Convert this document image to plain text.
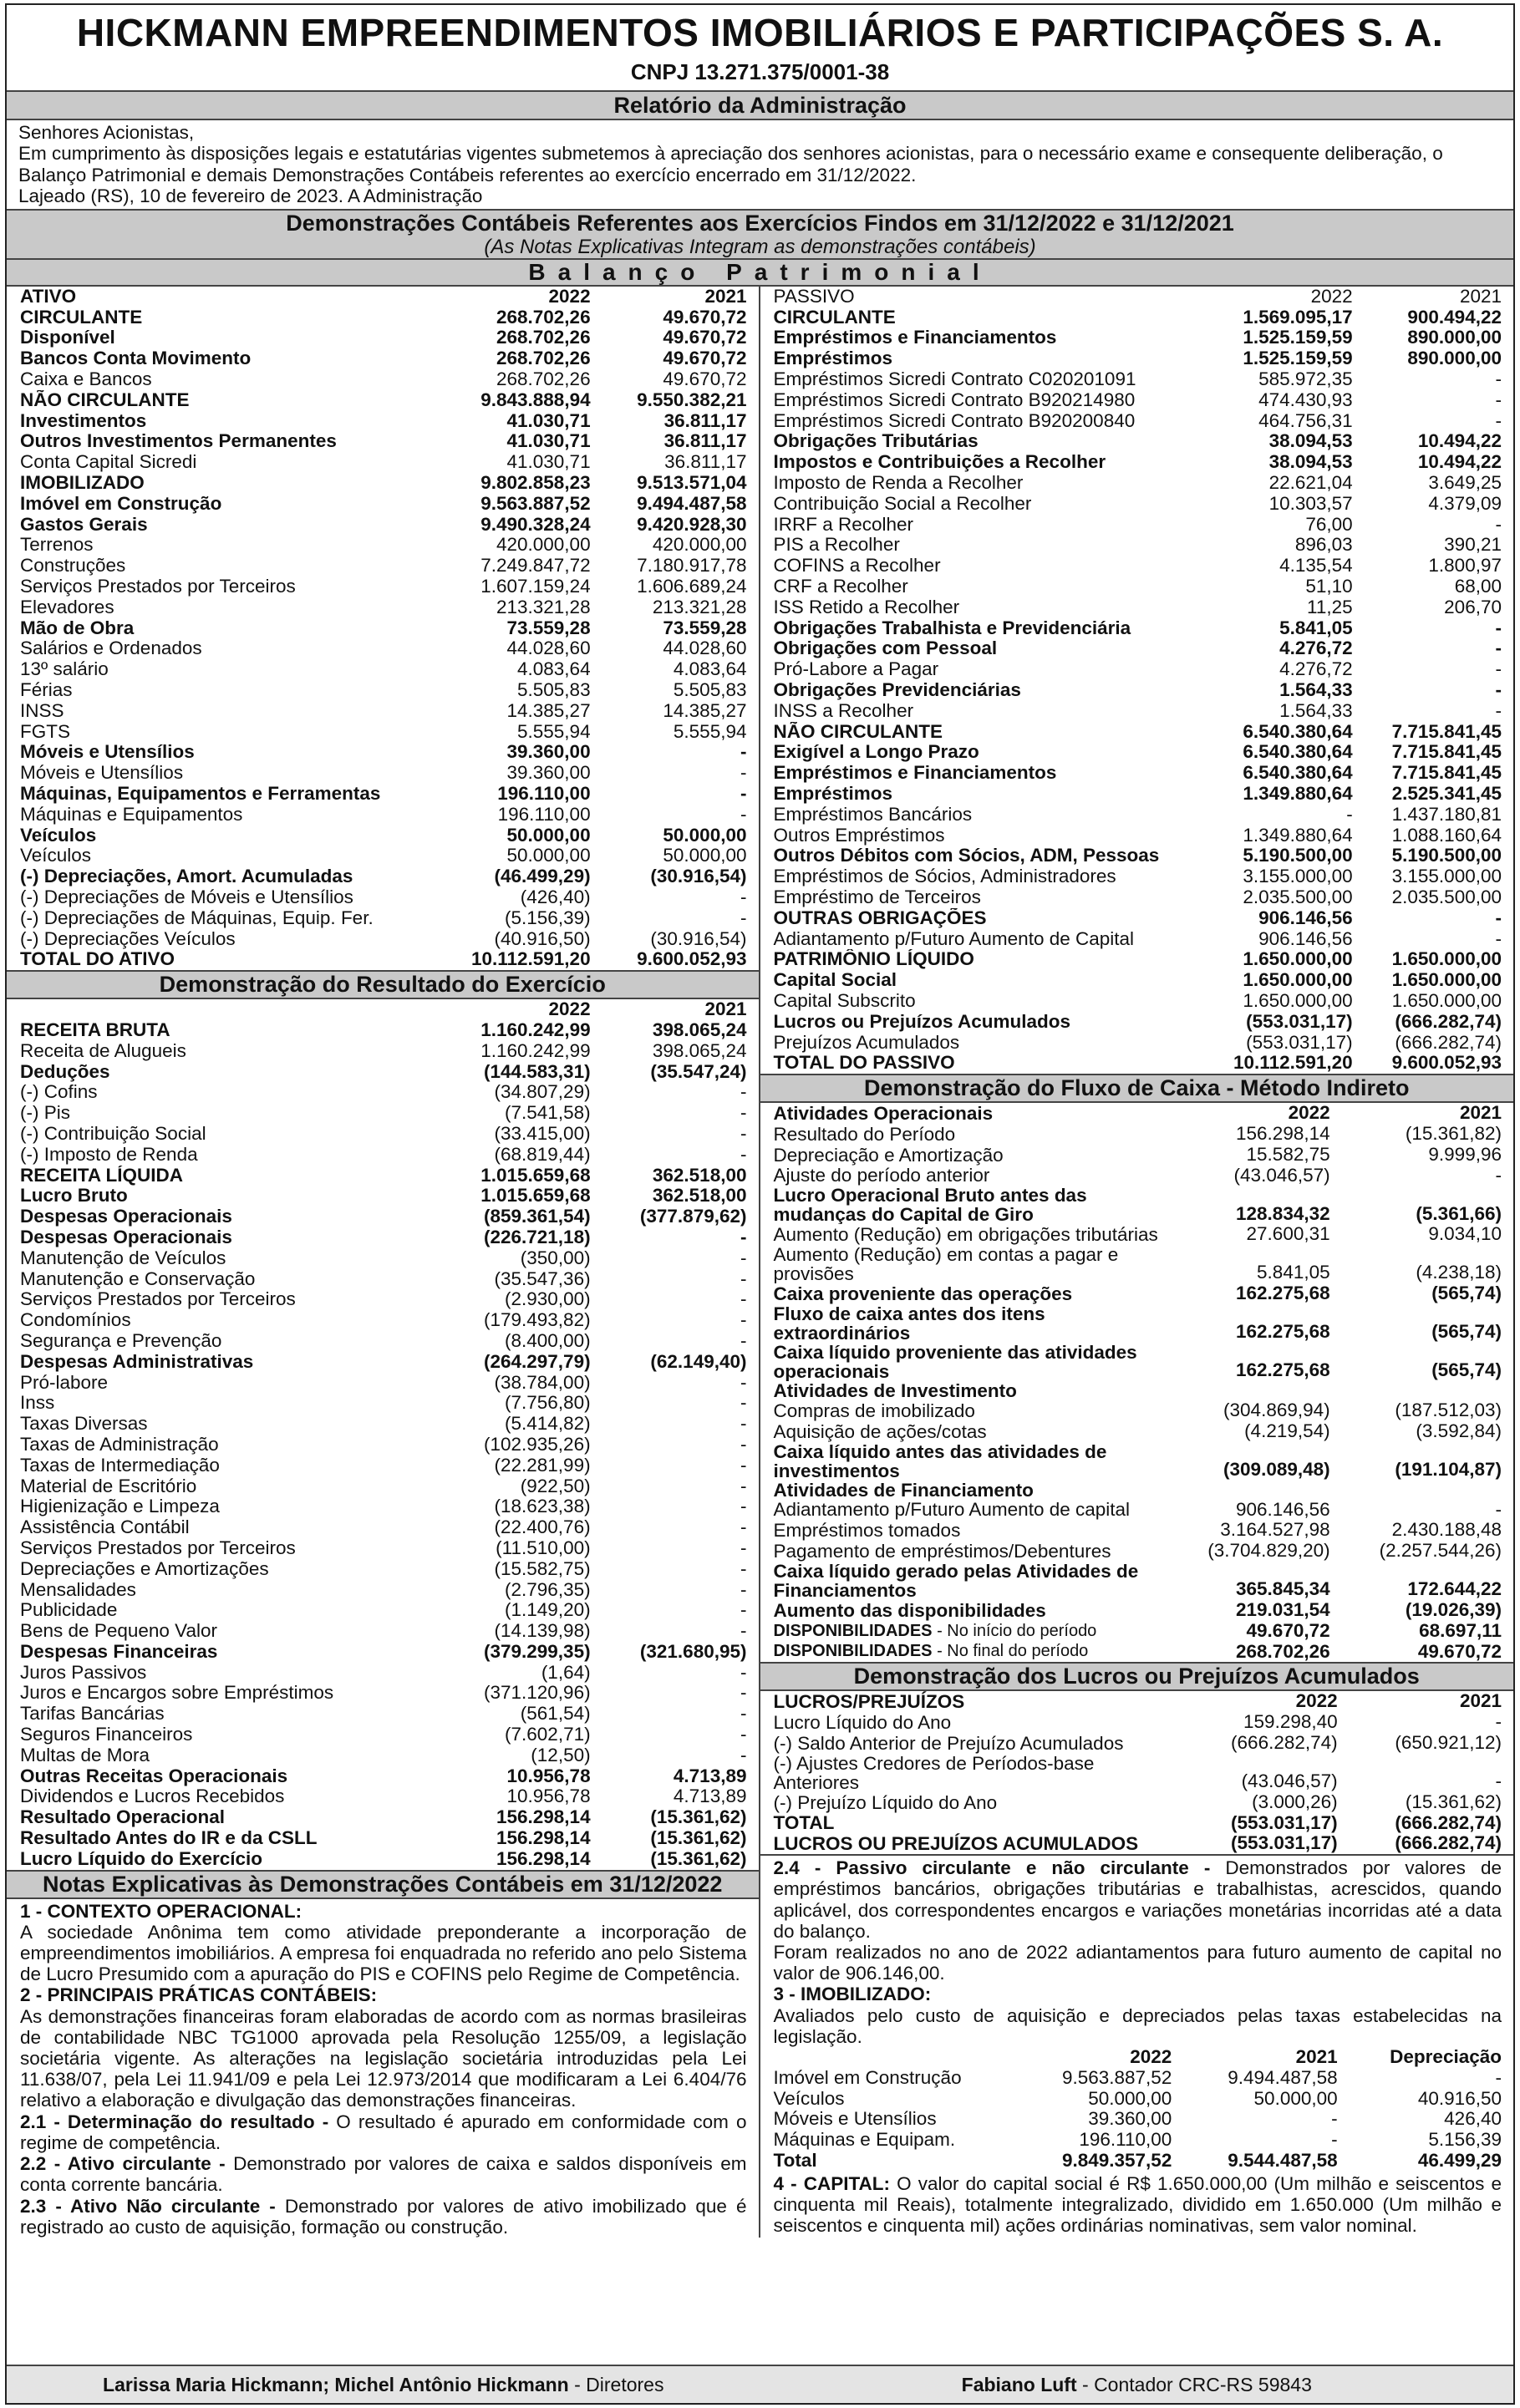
HICKMANN EMPREENDIMENTOS IMOBILIÁRIOS E PARTICIPAÇÕES S. A.
CNPJ 13.271.375/0001-38
Relatório da Administração
Senhores Acionistas,
Em cumprimento às disposições legais e estatutárias vigentes submetemos à apreciação dos senhores acionistas, para o necessário exame e consequente deliberação, o Balanço Patrimonial e demais Demonstrações Contábeis referentes ao exercício encerrado em 31/12/2022.
Lajeado (RS), 10 de fevereiro de 2023. A Administração
Demonstrações Contábeis Referentes aos Exercícios Findos em 31/12/2022 e 31/12/2021
(As Notas Explicativas Integram as demonstrações contábeis)
Balanço Patrimonial
ATIVO	2022	2021
CIRCULANTE	268.702,26	49.670,72
Disponível	268.702,26	49.670,72
Bancos Conta Movimento	268.702,26	49.670,72
Caixa e Bancos	268.702,26	49.670,72
NÃO CIRCULANTE	9.843.888,94	9.550.382,21
Investimentos	41.030,71	36.811,17
Outros Investimentos Permanentes	41.030,71	36.811,17
Conta Capital Sicredi	41.030,71	36.811,17
IMOBILIZADO	9.802.858,23	9.513.571,04
Imóvel em Construção	9.563.887,52	9.494.487,58
Gastos Gerais	9.490.328,24	9.420.928,30
Terrenos	420.000,00	420.000,00
Construções	7.249.847,72	7.180.917,78
Serviços Prestados por Terceiros	1.607.159,24	1.606.689,24
Elevadores	213.321,28	213.321,28
Mão de Obra	73.559,28	73.559,28
Salários e Ordenados	44.028,60	44.028,60
13º salário	4.083,64	4.083,64
Férias	5.505,83	5.505,83
INSS	14.385,27	14.385,27
FGTS	5.555,94	5.555,94
Móveis e Utensílios	39.360,00	-
Móveis e Utensílios	39.360,00	-
Máquinas, Equipamentos e Ferramentas	196.110,00	-
Máquinas e Equipamentos	196.110,00	-
Veículos	50.000,00	50.000,00
Veículos	50.000,00	50.000,00
(-) Depreciações, Amort. Acumuladas	(46.499,29)	(30.916,54)
(-) Depreciações de Móveis e Utensílios	(426,40)	-
(-) Depreciações de Máquinas, Equip. Fer.	(5.156,39)	-
(-) Depreciações Veículos	(40.916,50)	(30.916,54)
TOTAL DO ATIVO	10.112.591,20	9.600.052,93
Demonstração do Resultado do Exercício
	2022	2021
RECEITA BRUTA	1.160.242,99	398.065,24
Receita de Alugueis	1.160.242,99	398.065,24
Deduções	(144.583,31)	(35.547,24)
(-) Cofins	(34.807,29)	-
(-) Pis	(7.541,58)	-
(-) Contribuição Social	(33.415,00)	-
(-) Imposto de Renda	(68.819,44)	-
RECEITA LÍQUIDA	1.015.659,68	362.518,00
Lucro Bruto	1.015.659,68	362.518,00
Despesas Operacionais	(859.361,54)	(377.879,62)
Despesas Operacionais	(226.721,18)	-
Manutenção de Veículos	(350,00)	-
Manutenção e Conservação	(35.547,36)	-
Serviços Prestados por Terceiros	(2.930,00)	-
Condomínios	(179.493,82)	-
Segurança e Prevenção	(8.400,00)	-
Despesas Administrativas	(264.297,79)	(62.149,40)
Pró-labore	(38.784,00)	-
Inss	(7.756,80)	-
Taxas Diversas	(5.414,82)	-
Taxas de Administração	(102.935,26)	-
Taxas de Intermediação	(22.281,99)	-
Material de Escritório	(922,50)	-
Higienização e Limpeza	(18.623,38)	-
Assistência Contábil	(22.400,76)	-
Serviços Prestados por Terceiros	(11.510,00)	-
Depreciações e Amortizações	(15.582,75)	-
Mensalidades	(2.796,35)	-
Publicidade	(1.149,20)	-
Bens de Pequeno Valor	(14.139,98)	-
Despesas Financeiras	(379.299,35)	(321.680,95)
Juros Passivos	(1,64)	-
Juros e Encargos sobre Empréstimos	(371.120,96)	-
Tarifas Bancárias	(561,54)	-
Seguros Financeiros	(7.602,71)	-
Multas de Mora	(12,50)	-
Outras Receitas Operacionais	10.956,78	4.713,89
Dividendos e Lucros Recebidos	10.956,78	4.713,89
Resultado Operacional	156.298,14	(15.361,62)
Resultado Antes do IR e da CSLL	156.298,14	(15.361,62)
Lucro Líquido do Exercício	156.298,14	(15.361,62)
Notas Explicativas às Demonstrações Contábeis em 31/12/2022

1 - CONTEXTO OPERACIONAL:

A sociedade Anônima tem como atividade preponderante a incorporação de empreendimentos imobiliários. A empresa foi enquadrada no referido ano pelo Sistema de Lucro Presumido com a apuração do PIS e COFINS pelo Regime de Competência.

2 - PRINCIPAIS PRÁTICAS CONTÁBEIS:

As demonstrações financeiras foram elaboradas de acordo com as normas brasileiras de contabilidade NBC TG1000 aprovada pela Resolução 1255/09, a legislação societária vigente. As alterações na legislação societária introduzidas pela Lei 11.638/07, pela Lei 11.941/09 e pela Lei 12.973/2014 que modificaram a Lei 6.404/76 relativo a elaboração e divulgação das demonstrações financeiras.

2.1 - Determinação do resultado - O resultado é apurado em conformidade com o regime de competência.

2.2 - Ativo circulante - Demonstrado por valores de caixa e saldos disponíveis em conta corrente bancária.

2.3 - Ativo Não circulante - Demonstrado por valores de ativo imobilizado que é registrado ao custo de aquisição, formação ou construção.

PASSIVO	2022	2021
CIRCULANTE	1.569.095,17	900.494,22
Empréstimos e Financiamentos	1.525.159,59	890.000,00
Empréstimos	1.525.159,59	890.000,00
Empréstimos Sicredi Contrato C020201091	585.972,35	-
Empréstimos Sicredi Contrato B920214980	474.430,93	-
Empréstimos Sicredi Contrato B920200840	464.756,31	-
Obrigações Tributárias	38.094,53	10.494,22
Impostos e Contribuições a Recolher	38.094,53	10.494,22
Imposto de Renda a Recolher	22.621,04	3.649,25
Contribuição Social a Recolher	10.303,57	4.379,09
IRRF a Recolher	76,00	-
PIS a Recolher	896,03	390,21
COFINS a Recolher	4.135,54	1.800,97
CRF a Recolher	51,10	68,00
ISS Retido a Recolher	11,25	206,70
Obrigações Trabalhista e Previdenciária	5.841,05	-
Obrigações com Pessoal	4.276,72	-
Pró-Labore a Pagar	4.276,72	-
Obrigações Previdenciárias	1.564,33	-
INSS a Recolher	1.564,33	-
NÃO CIRCULANTE	6.540.380,64	7.715.841,45
Exigível a Longo Prazo	6.540.380,64	7.715.841,45
Empréstimos e Financiamentos	6.540.380,64	7.715.841,45
Empréstimos	1.349.880,64	2.525.341,45
Empréstimos Bancários	-	1.437.180,81
Outros Empréstimos	1.349.880,64	1.088.160,64
Outros Débitos com Sócios, ADM, Pessoas	5.190.500,00	5.190.500,00
Empréstimos de Sócios, Administradores	3.155.000,00	3.155.000,00
Empréstimo de Terceiros	2.035.500,00	2.035.500,00
OUTRAS OBRIGAÇÕES	906.146,56	-
Adiantamento p/Futuro Aumento de Capital	906.146,56	-
PATRIMÔNIO LÍQUIDO	1.650.000,00	1.650.000,00
Capital Social	1.650.000,00	1.650.000,00
Capital Subscrito	1.650.000,00	1.650.000,00
Lucros ou Prejuízos Acumulados	(553.031,17)	(666.282,74)
Prejuízos Acumulados	(553.031,17)	(666.282,74)
TOTAL DO PASSIVO	10.112.591,20	9.600.052,93
Demonstração do Fluxo de Caixa - Método Indireto
Atividades Operacionais	2022	2021
Resultado do Período	156.298,14	(15.361,82)
Depreciação e Amortização	15.582,75	9.999,96
Ajuste do período anterior	(43.046,57)	-
Lucro Operacional Bruto antes das mudanças do Capital de Giro	128.834,32	(5.361,66)
Aumento (Redução) em obrigações tributárias	27.600,31	9.034,10
Aumento (Redução) em contas a pagar e provisões	5.841,05	(4.238,18)
Caixa proveniente das operações	162.275,68	(565,74)
Fluxo de caixa antes dos itens extraordinários	162.275,68	(565,74)
Caixa líquido proveniente das atividades operacionais	162.275,68	(565,74)
Atividades de Investimento		
Compras de imobilizado	(304.869,94)	(187.512,03)
Aquisição de ações/cotas	(4.219,54)	(3.592,84)
Caixa líquido antes das atividades de investimentos	(309.089,48)	(191.104,87)
Atividades de Financiamento		
Adiantamento p/Futuro Aumento de capital	906.146,56	-
Empréstimos tomados	3.164.527,98	2.430.188,48
Pagamento de empréstimos/Debentures	(3.704.829,20)	(2.257.544,26)
Caixa líquido gerado pelas Atividades de Financiamentos	365.845,34	172.644,22
Aumento das disponibilidades	219.031,54	(19.026,39)
DISPONIBILIDADES - No início do período	49.670,72	68.697,11
DISPONIBILIDADES - No final do período	268.702,26	49.670,72
Demonstração dos Lucros ou Prejuízos Acumulados
LUCROS/PREJUÍZOS	2022	2021
Lucro Líquido do Ano	159.298,40	-
(-) Saldo Anterior de Prejuízo Acumulados	(666.282,74)	(650.921,12)
(-) Ajustes Credores de Períodos-base Anteriores	(43.046,57)	-
(-) Prejuízo Líquido do Ano	(3.000,26)	(15.361,62)
TOTAL	(553.031,17)	(666.282,74)
LUCROS OU PREJUÍZOS ACUMULADOS	(553.031,17)	(666.282,74)

2.4 - Passivo circulante e não circulante - Demonstrados por valores de empréstimos bancários, obrigações tributárias e trabalhistas, acrescidos, quando aplicável, dos correspondentes encargos e variações monetárias incorridas até a data do balanço.

Foram realizados no ano de 2022 adiantamentos para futuro aumento de capital no valor de 906.146,00.

3 - IMOBILIZADO:

Avaliados pelo custo de aquisição e depreciados pelas taxas estabelecidas na legislação.

	2022	2021	Depreciação
Imóvel em Construção	9.563.887,52	9.494.487,58	-
Veículos	50.000,00	50.000,00	40.916,50
Móveis e Utensílios	39.360,00	-	426,40
Máquinas e Equipam.	196.110,00	-	5.156,39
Total	9.849.357,52	9.544.487,58	46.499,29

4 - CAPITAL: O valor do capital social é R$ 1.650.000,00 (Um milhão e seiscentos e cinquenta mil Reais), totalmente integralizado, dividido em 1.650.000 (Um milhão e seiscentos e cinquenta mil) ações ordinárias nominativas, sem valor nominal.

Larissa Maria Hickmann; Michel Antônio Hickmann - Diretores	Fabiano Luft - Contador CRC-RS 59843
